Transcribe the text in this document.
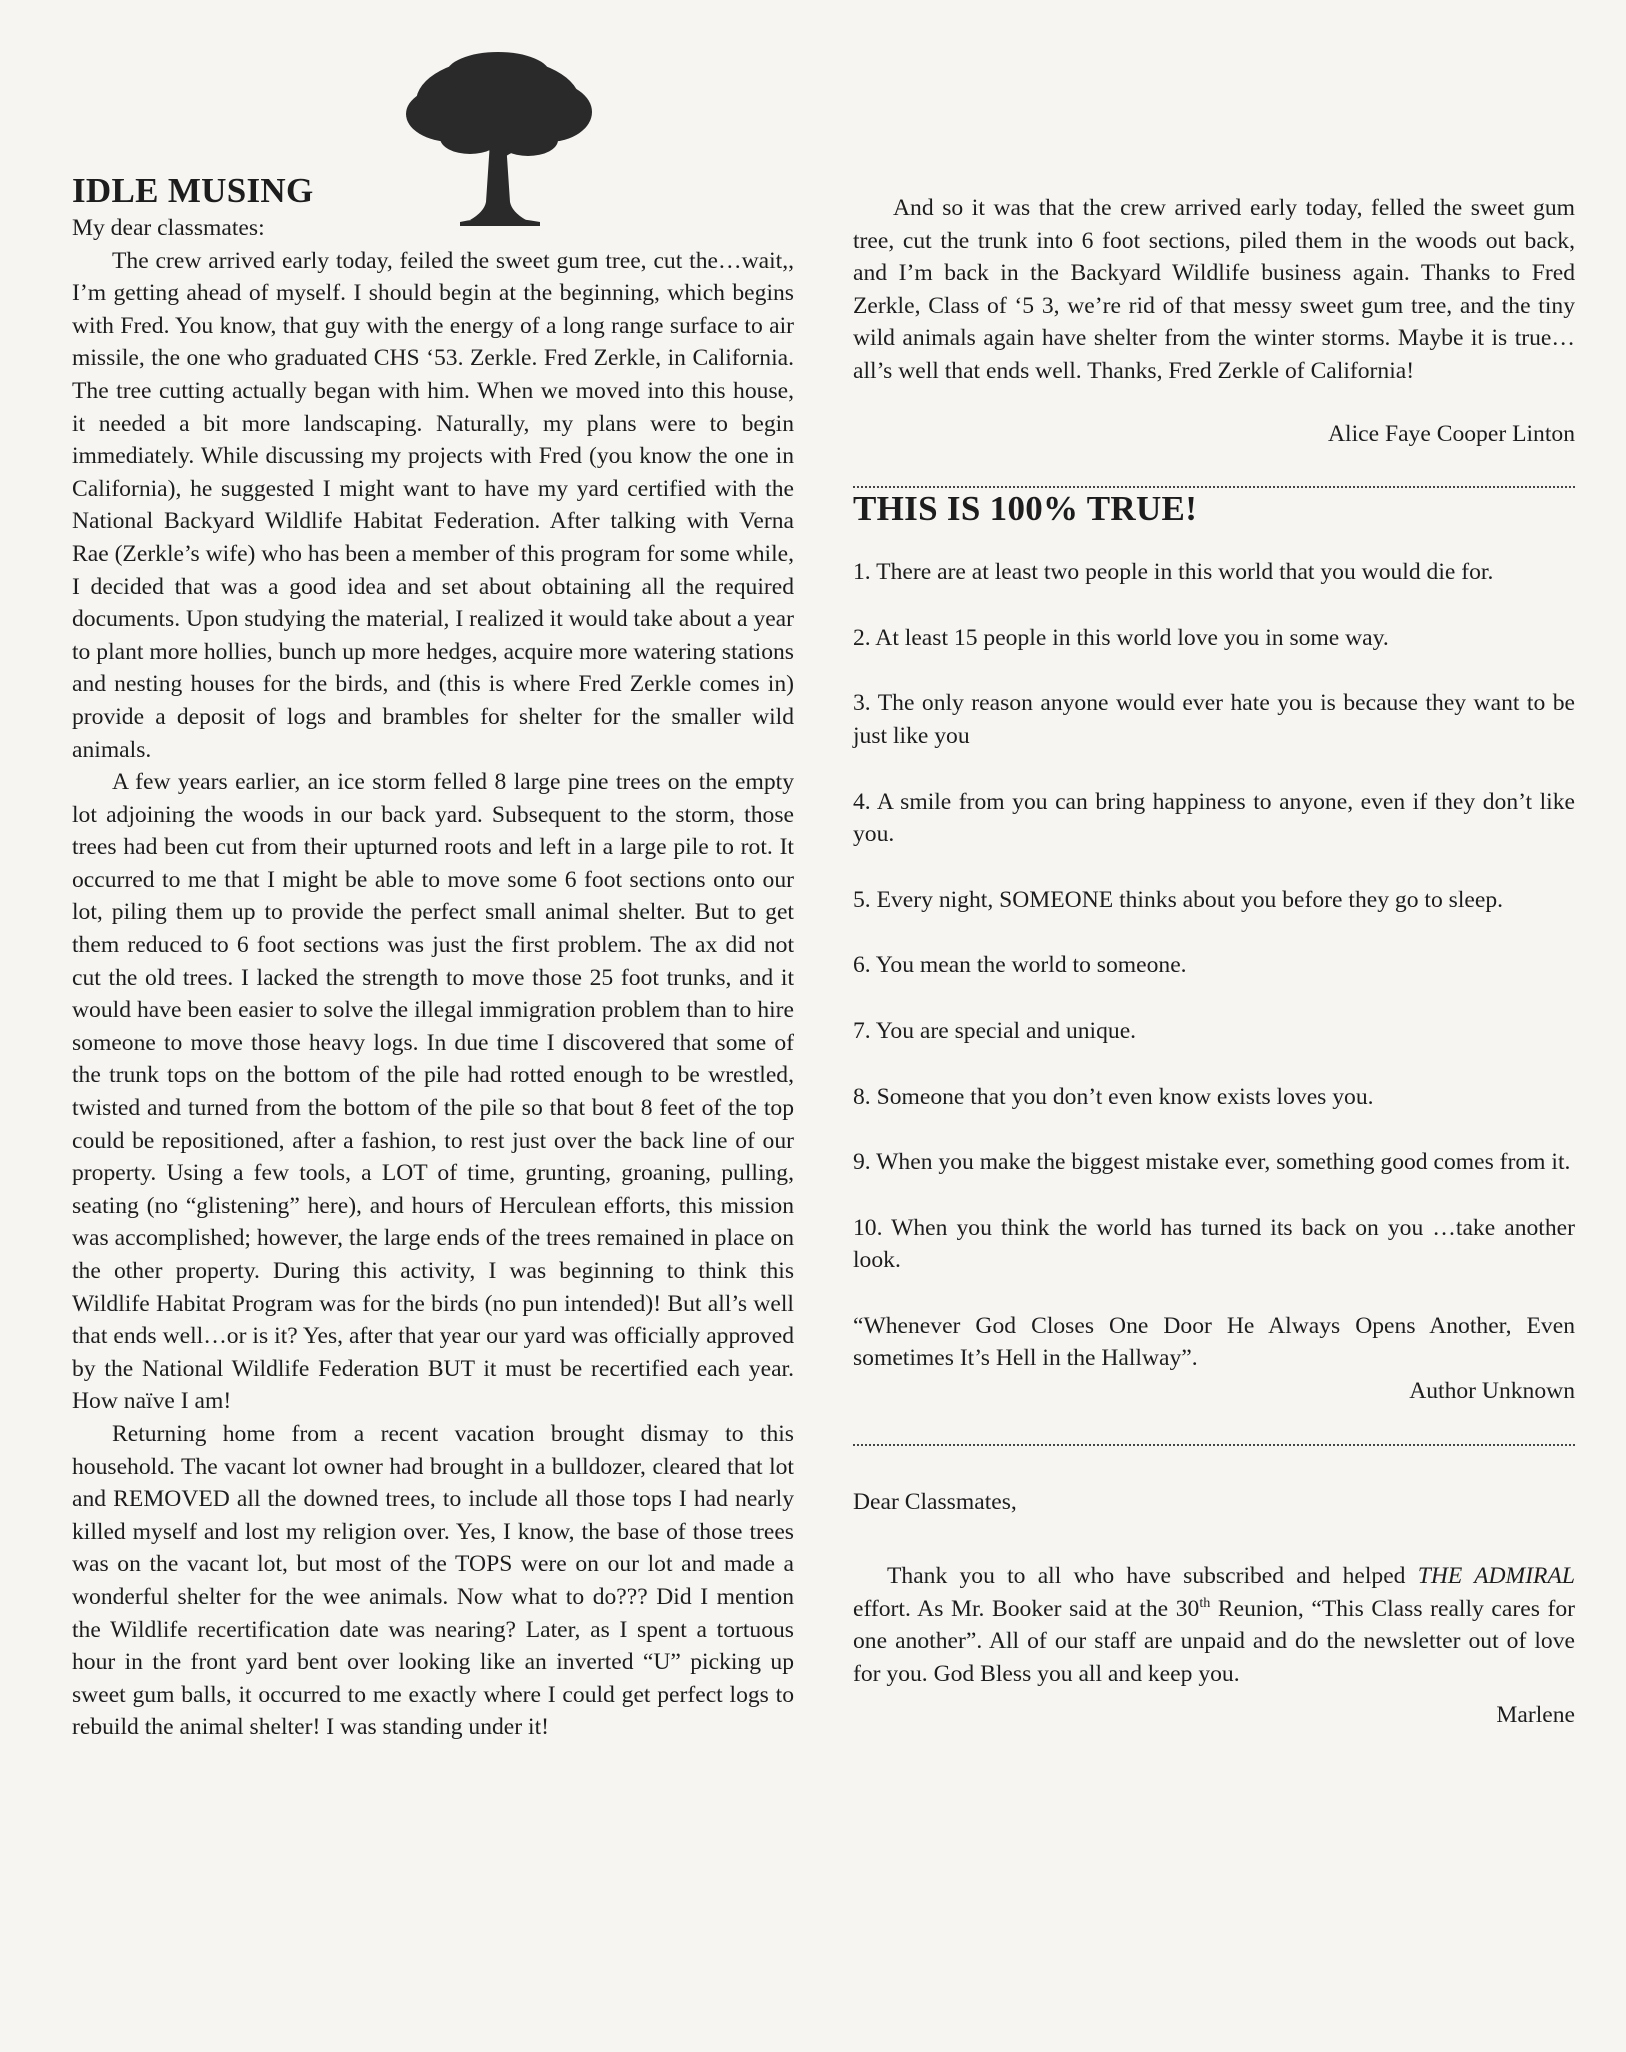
IDLE MUSING

My dear classmates:

The crew arrived early today, feiled the sweet gum tree, cut the…wait,, I’m getting ahead of myself. I should begin at the beginning, which begins with Fred. You know, that guy with the energy of a long range surface to air missile, the one who graduated CHS ‘53. Zerkle. Fred Zerkle, in California. The tree cutting actually began with him. When we moved into this house, it needed a bit more landscaping. Naturally, my plans were to begin immediately. While discussing my projects with Fred (you know the one in California), he suggested I might want to have my yard certified with the National Backyard Wildlife Habitat Federation. After talking with Verna Rae (Zerkle’s wife) who has been a member of this program for some while, I decided that was a good idea and set about obtaining all the required documents. Upon studying the material, I realized it would take about a year to plant more hollies, bunch up more hedges, acquire more watering stations and nesting houses for the birds, and (this is where Fred Zerkle comes in) provide a deposit of logs and brambles for shelter for the smaller wild animals.

A few years earlier, an ice storm felled 8 large pine trees on the empty lot adjoining the woods in our back yard. Subsequent to the storm, those trees had been cut from their upturned roots and left in a large pile to rot. It occurred to me that I might be able to move some 6 foot sections onto our lot, piling them up to provide the perfect small animal shelter. But to get them reduced to 6 foot sections was just the first problem. The ax did not cut the old trees. I lacked the strength to move those 25 foot trunks, and it would have been easier to solve the illegal immigration problem than to hire someone to move those heavy logs. In due time I discovered that some of the trunk tops on the bottom of the pile had rotted enough to be wrestled, twisted and turned from the bottom of the pile so that bout 8 feet of the top could be repositioned, after a fashion, to rest just over the back line of our property. Using a few tools, a LOT of time, grunting, groaning, pulling, seating (no “glistening” here), and hours of Herculean efforts, this mission was accomplished; however, the large ends of the trees remained in place on the other property. During this activity, I was beginning to think this Wildlife Habitat Program was for the birds (no pun intended)! But all’s well that ends well…or is it? Yes, after that year our yard was officially approved by the National Wildlife Federation BUT it must be recertified each year. How naïve I am!

Returning home from a recent vacation brought dismay to this household. The vacant lot owner had brought in a bulldozer, cleared that lot and REMOVED all the downed trees, to include all those tops I had nearly killed myself and lost my religion over. Yes, I know, the base of those trees was on the vacant lot, but most of the TOPS were on our lot and made a wonderful shelter for the wee animals. Now what to do??? Did I mention the Wildlife recertification date was nearing? Later, as I spent a tortuous hour in the front yard bent over looking like an inverted “U” picking up sweet gum balls, it occurred to me exactly where I could get perfect logs to rebuild the animal shelter! I was standing under it!

And so it was that the crew arrived early today, felled the sweet gum tree, cut the trunk into 6 foot sections, piled them in the woods out back, and I’m back in the Backyard Wildlife business again. Thanks to Fred Zerkle, Class of ‘5 3, we’re rid of that messy sweet gum tree, and the tiny wild animals again have shelter from the winter storms. Maybe it is true…all’s well that ends well. Thanks, Fred Zerkle of California!

Alice Faye Cooper Linton

THIS IS 100% TRUE!

1. There are at least two people in this world that you would die for.

2. At least 15 people in this world love you in some way.

3. The only reason anyone would ever hate you is because they want to be just like you

4. A smile from you can bring happiness to anyone, even if they don’t like you.

5. Every night, SOMEONE thinks about you before they go to sleep.

6. You mean the world to someone.

7. You are special and unique.

8. Someone that you don’t even know exists loves you.

9. When you make the biggest mistake ever, something good comes from it.

10. When you think the world has turned its back on you …take another look.

“Whenever God Closes One Door He Always Opens Another, Even sometimes It’s Hell in the Hallway”.

Author Unknown

Dear Classmates,

Thank you to all who have subscribed and helped THE ADMIRAL effort. As Mr. Booker said at the 30th Reunion, “This Class really cares for one another”. All of our staff are unpaid and do the newsletter out of love for you. God Bless you all and keep you.

Marlene
